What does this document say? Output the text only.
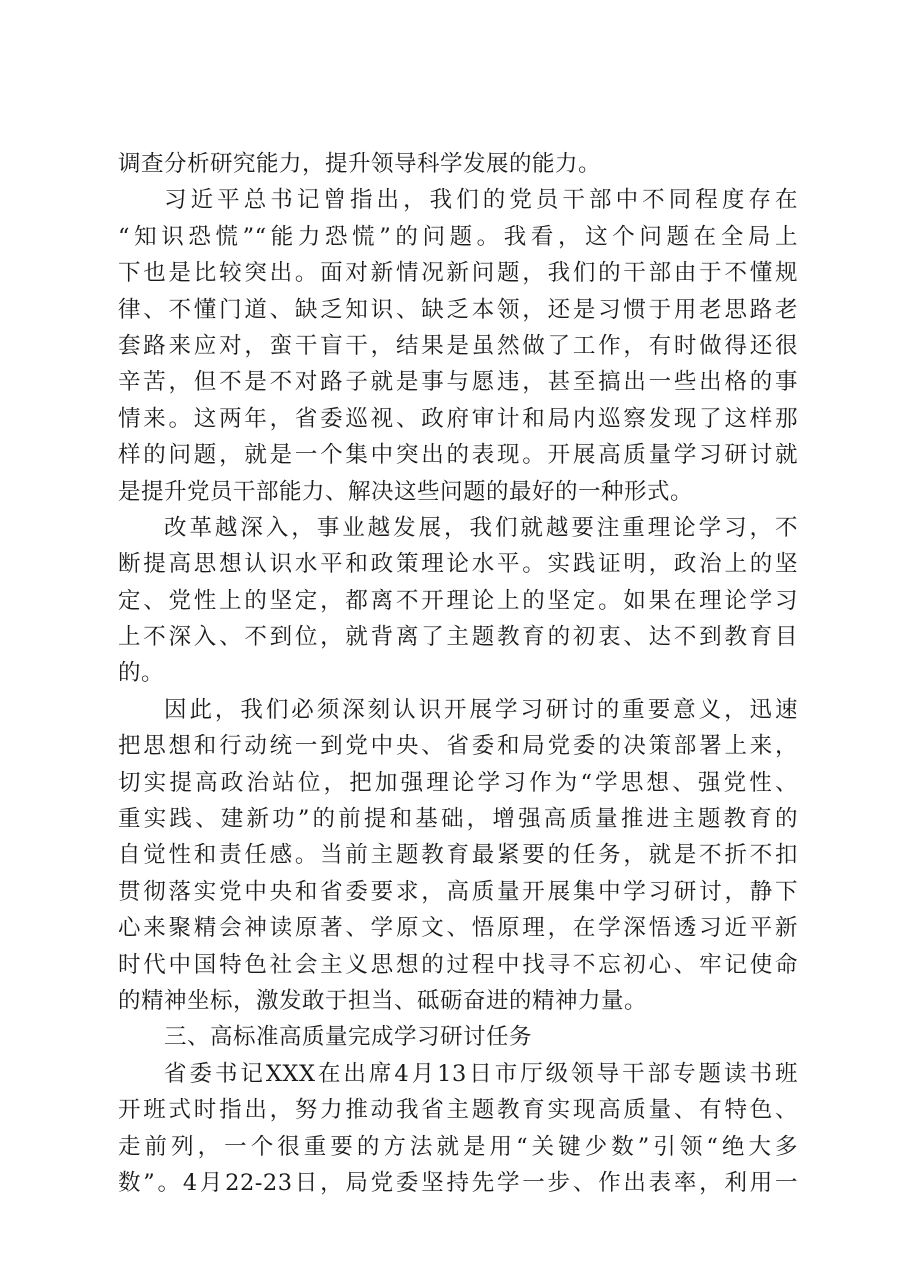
调查分析研究能力，提升领导科学发展的能力。
习近平总书记曾指出，我们的党员干部中不同程度存在
“知识恐慌”“能力恐慌”的问题。我看，这个问题在全局上
下也是比较突出。面对新情况新问题，我们的干部由于不懂规
律、不懂门道、缺乏知识、缺乏本领，还是习惯于用老思路老
套路来应对，蛮干盲干，结果是虽然做了工作，有时做得还很
辛苦，但不是不对路子就是事与愿违，甚至搞出一些出格的事
情来。这两年，省委巡视、政府审计和局内巡察发现了这样那
样的问题，就是一个集中突出的表现。开展高质量学习研讨就
是提升党员干部能力、解决这些问题的最好的一种形式。
改革越深入，事业越发展，我们就越要注重理论学习，不
断提高思想认识水平和政策理论水平。实践证明，政治上的坚
定、党性上的坚定，都离不开理论上的坚定。如果在理论学习
上不深入、不到位，就背离了主题教育的初衷、达不到教育目
的。
因此，我们必须深刻认识开展学习研讨的重要意义，迅速
把思想和行动统一到党中央、省委和局党委的决策部署上来，
切实提高政治站位，把加强理论学习作为“学思想、强党性、
重实践、建新功”的前提和基础，增强高质量推进主题教育的
自觉性和责任感。当前主题教育最紧要的任务，就是不折不扣
贯彻落实党中央和省委要求，高质量开展集中学习研讨，静下
心来聚精会神读原著、学原文、悟原理，在学深悟透习近平新
时代中国特色社会主义思想的过程中找寻不忘初心、牢记使命
的精神坐标，激发敢于担当、砥砺奋进的精神力量。
三、高标准高质量完成学习研讨任务
省委书记XXX在出席4月13日市厅级领导干部专题读书班
开班式时指出，努力推动我省主题教育实现高质量、有特色、
走前列，一个很重要的方法就是用“关键少数”引领“绝大多
数”。4月22-23日，局党委坚持先学一步、作出表率，利用一
